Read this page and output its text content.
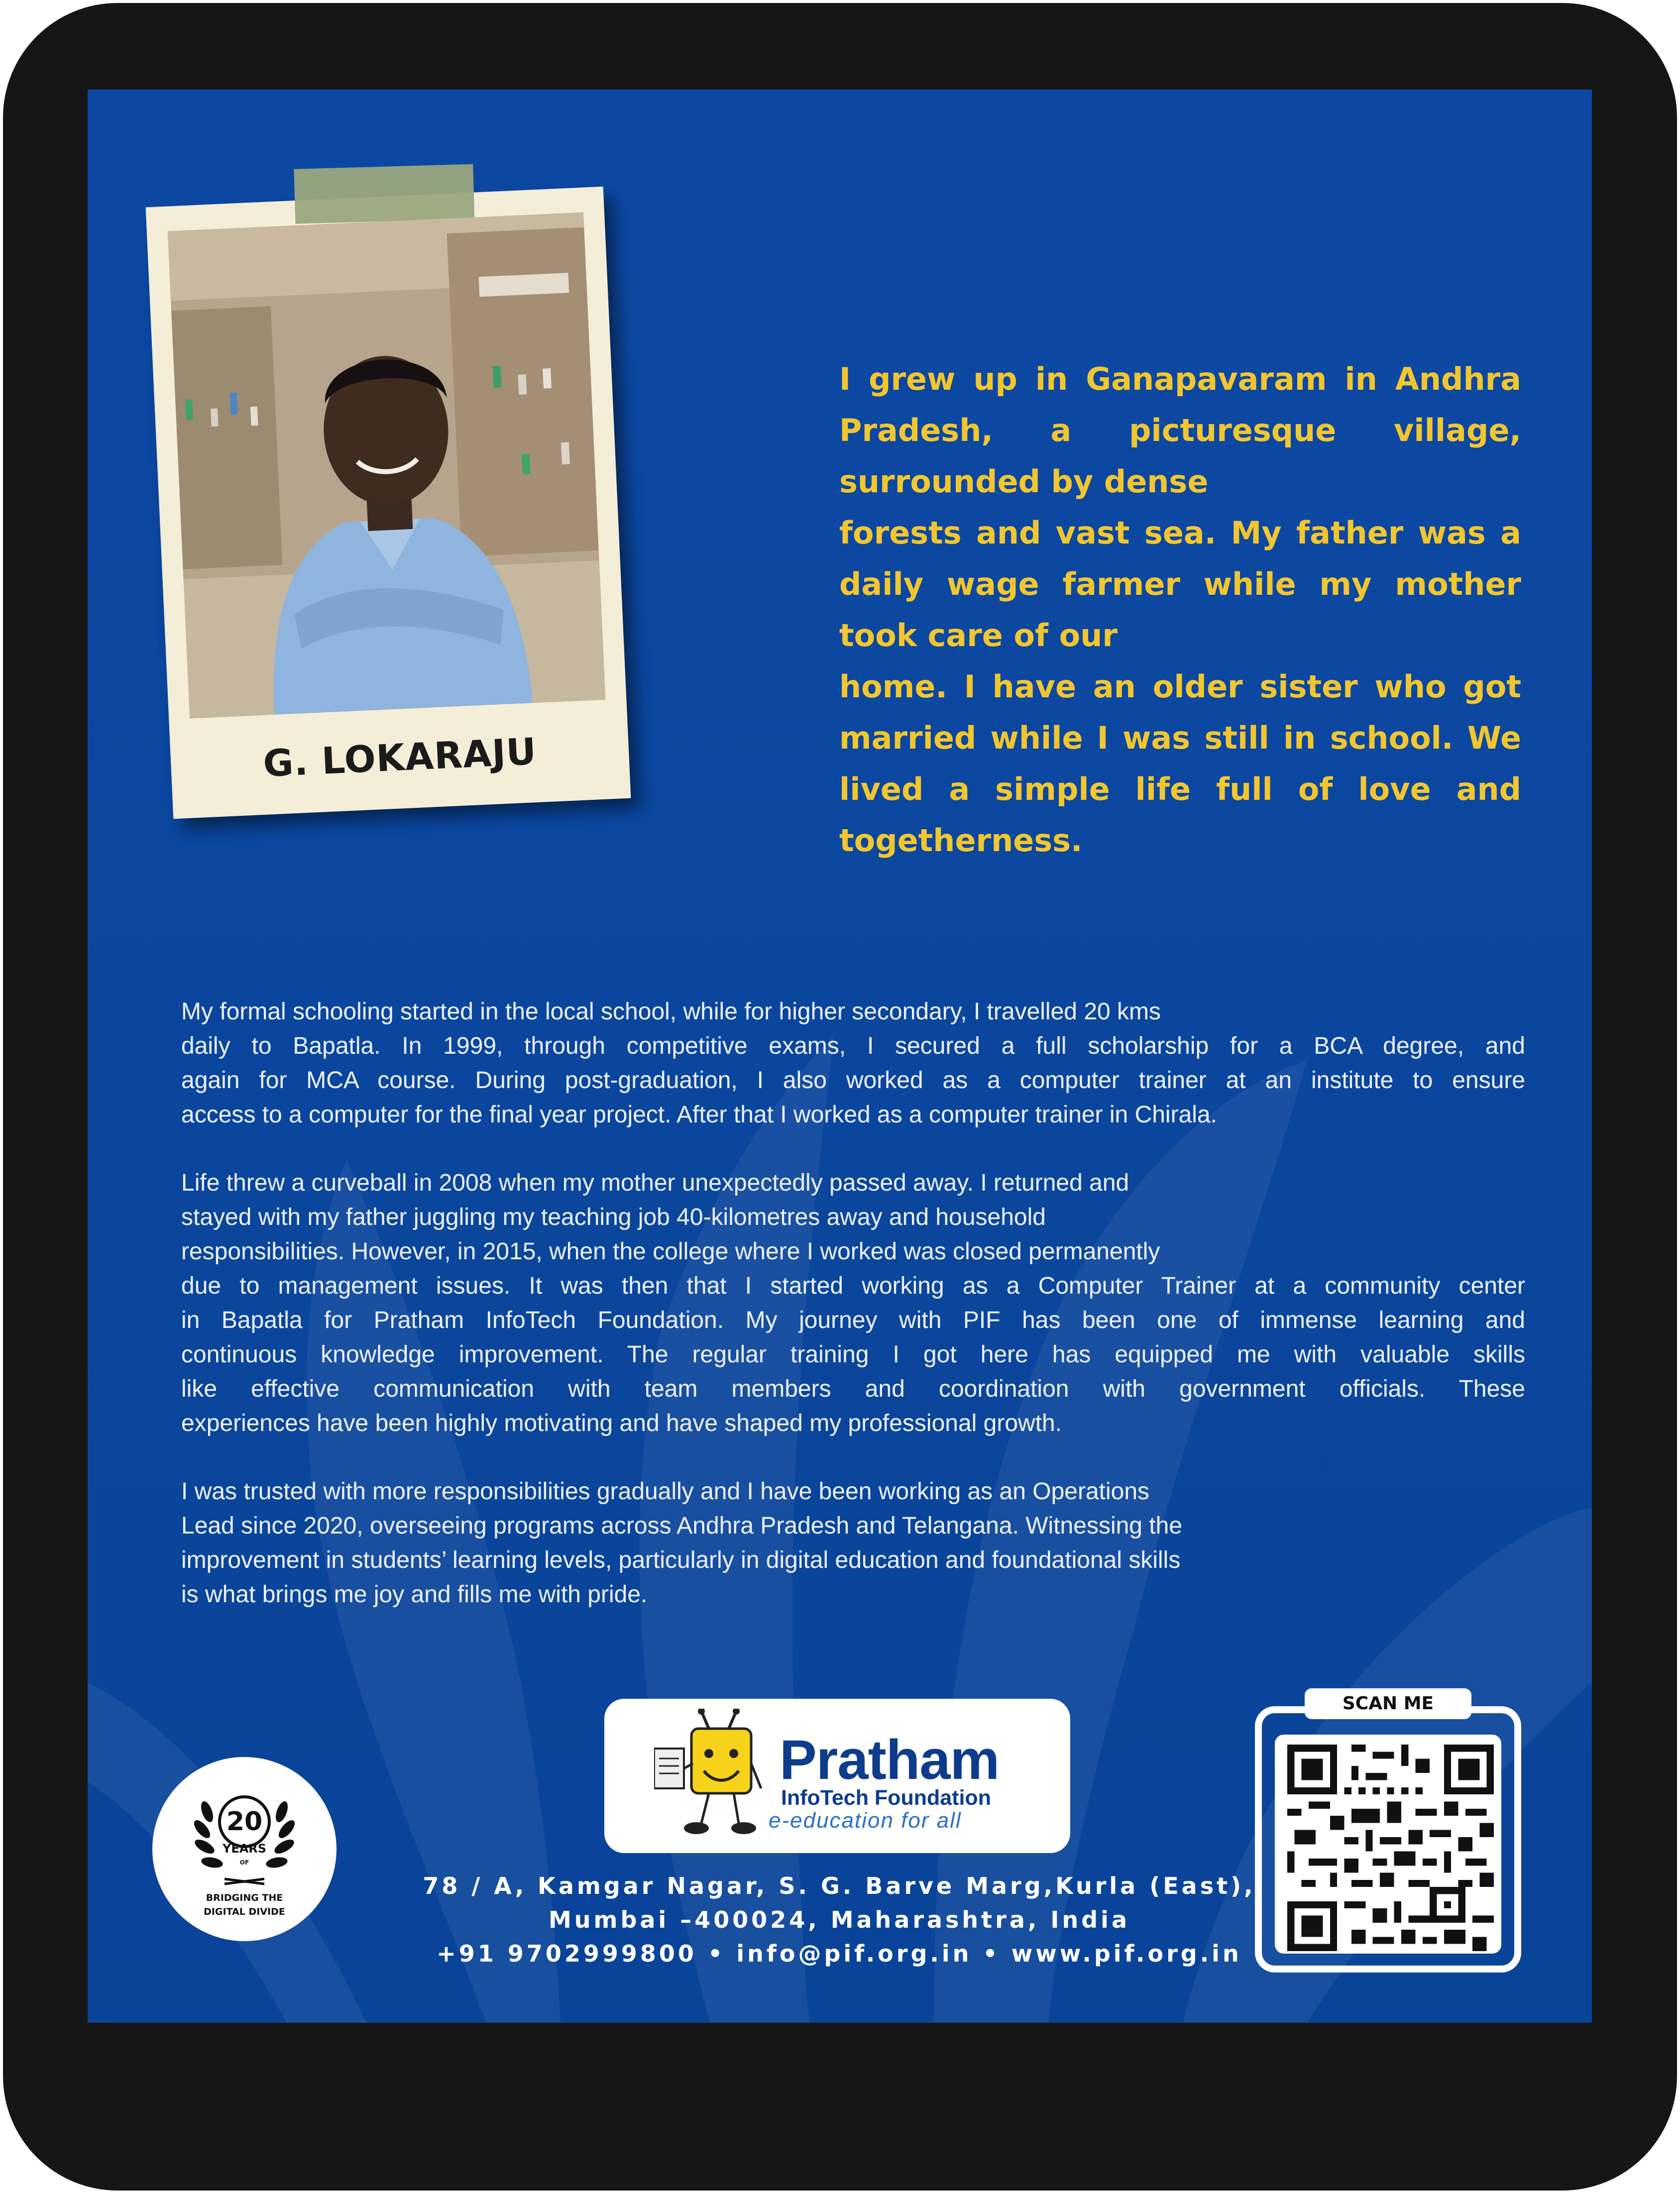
G. LOKARAJU

I grew up in Ganapavaram in Andhra Pradesh, a picturesque village, surrounded by dense

forests and vast sea. My father was a daily wage farmer while my mother took care of our

home. I have an older sister who got married while I was still in school. We lived a simple life full of love and togetherness.

My formal schooling started in the local school, while for higher secondary, I travelled 20 kms
daily to Bapatla. In 1999, through competitive exams, I secured a full scholarship for a BCA degree, and
again for MCA course. During post-graduation, I also worked as a computer trainer at an institute to ensure
access to a computer for the final year project. After that I worked as a computer trainer in Chirala.
Life threw a curveball in 2008 when my mother unexpectedly passed away. I returned and
stayed with my father juggling my teaching job 40-kilometres away and household
responsibilities. However, in 2015, when the college where I worked was closed permanently
due to management issues. It was then that I started working as a Computer Trainer at a community center
in Bapatla for Pratham InfoTech Foundation. My journey with PIF has been one of immense learning and
continuous knowledge improvement. The regular training I got here has equipped me with valuable skills
like effective communication with team members and coordination with government officials. These
experiences have been highly motivating and have shaped my professional growth.
I was trusted with more responsibilities gradually and I have been working as an Operations
Lead since 2020, overseeing programs across Andhra Pradesh and Telangana. Witnessing the
improvement in students’ learning levels, particularly in digital education and foundational skills
is what brings me joy and fills me with pride.
Pratham
InfoTech Foundation
e-education for all
20
YEARS
OF
BRIDGING THE
DIGITAL DIVIDE
78 / A, Kamgar Nagar, S. G. Barve Marg,Kurla (East),
Mumbai –400024, Maharashtra, India
+91 9702999800 • info@pif.org.in • www.pif.org.in
SCAN ME
